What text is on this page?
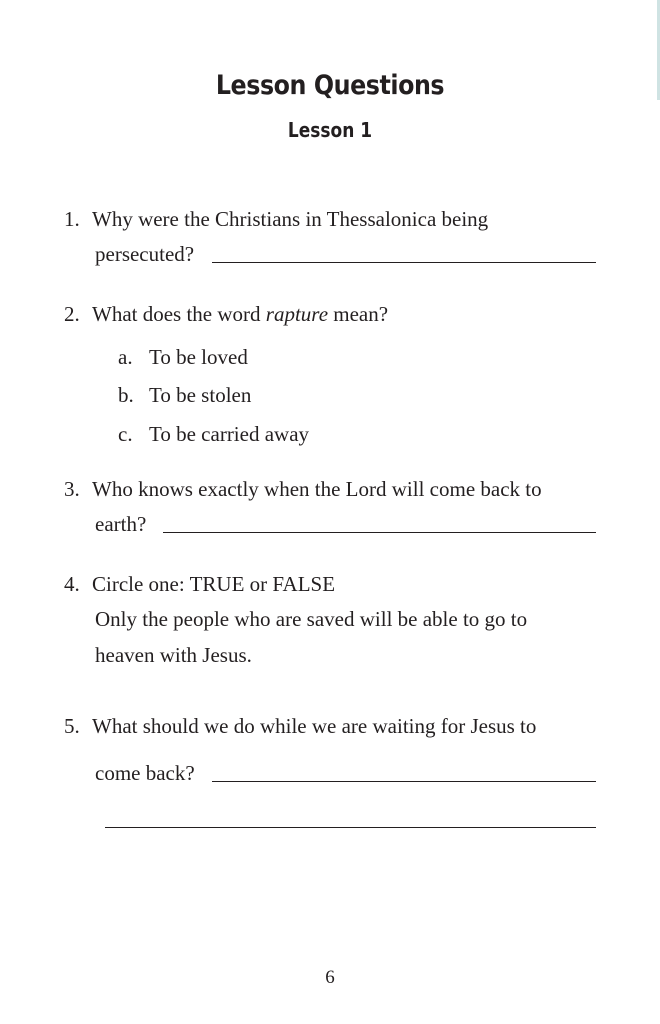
Lesson Questions
Lesson 1
1. Why were the Christians in Thessalonica being
persecuted?
2. What does the word rapture mean?
a. To be loved
b. To be stolen
c. To be carried away
3. Who knows exactly when the Lord will come back to
earth?
4. Circle one: TRUE or FALSE
Only the people who are saved will be able to go to
heaven with Jesus.
5. What should we do while we are waiting for Jesus to
come back?
6
